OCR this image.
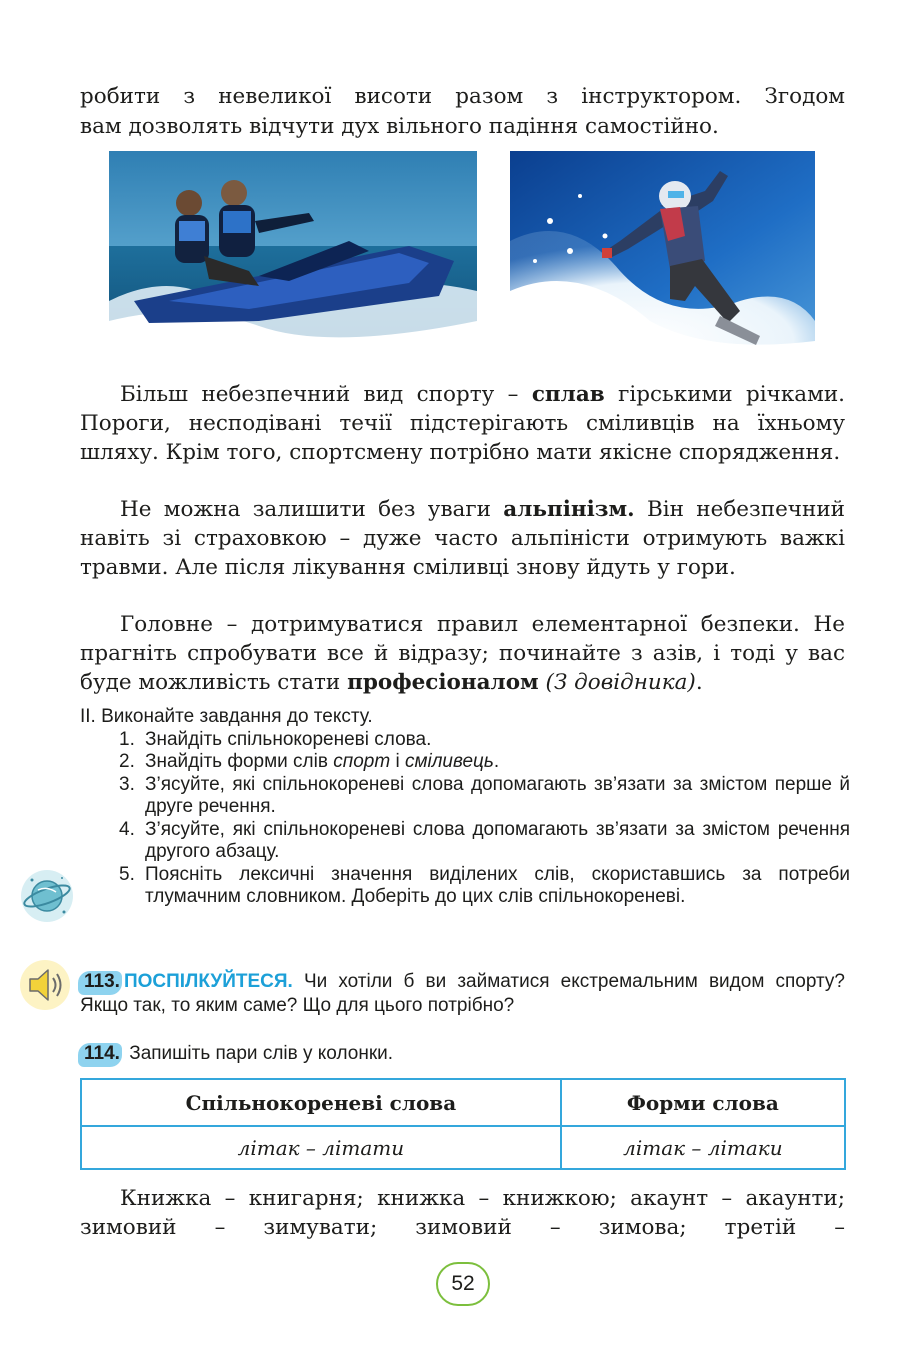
робити з невеликої висоти разом з інструктором. Згодом
вам дозволять відчути дух вільного падіння самостійно.
Більш небезпечний вид спорту – сплав гірськими річками. Пороги, несподівані течії підстерігають сміливців на їхньому шляху. Крім того, спортсмену потрібно мати якісне спорядження.
Не можна залишити без уваги альпінізм. Він небезпечний навіть зі страховкою – дуже часто альпіністи отримують важкі травми. Але після лікування сміливці знову йдуть у гори.
Головне – дотримуватися правил елементарної безпеки. Не прагніть спробувати все й відразу; починайте з азів, і тоді у вас буде можливість стати професіоналом (З довідника).
ІІ. Виконайте завдання до тексту.
1. Знайдіть спільнокореневі слова.
2. Знайдіть форми слів спорт і сміливець.
3. З’ясуйте, які спільнокореневі слова допомагають зв’язати за змістом перше й друге речення.
4. З’ясуйте, які спільнокореневі слова допомагають зв’язати за змістом речення другого абзацу.
5. Поясніть лексичні значення виділених слів, скориставшись за потреби тлумачним словником. Доберіть до цих слів спільнокореневі.
113. ПОСПІЛКУЙТЕСЯ. Чи хотіли б ви займатися екстремальним видом спорту? Якщо так, то яким саме? Що для цього потрібно?
114. Запишіть пари слів у колонки.
Спільнокореневі слова	Форми слова
літак – літати	літак – літаки
Книжка – книгарня; книжка – книжкою; акаунт – акаунти; зимовий – зимувати; зимовий – зимова; третій –
52
